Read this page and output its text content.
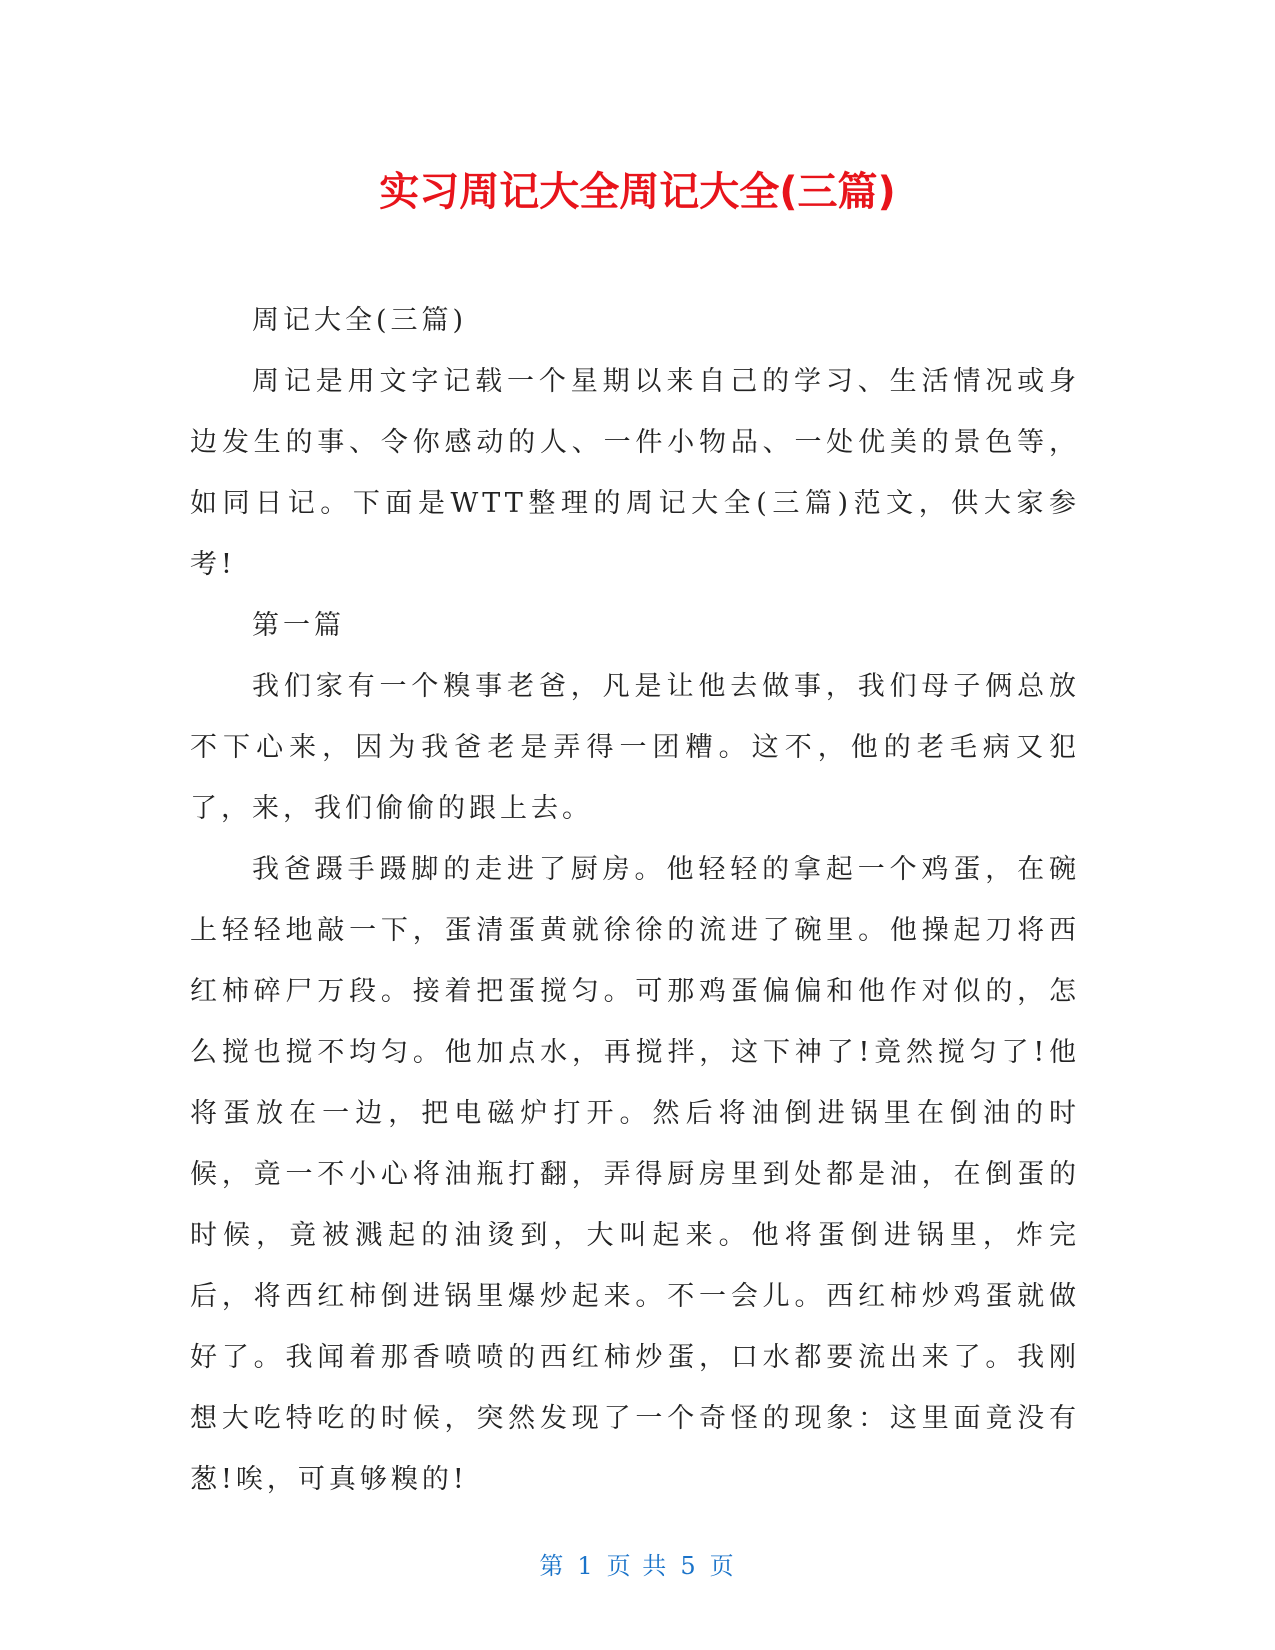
实习周记大全周记大全(三篇)

周记大全(三篇)

周记是用文字记载一个星期以来自己的学习、生活情况或身边发生的事、令你感动的人、一件小物品、一处优美的景色等，如同日记。下面是WTT整理的周记大全(三篇)范文，供大家参考!

第一篇

我们家有一个糗事老爸，凡是让他去做事，我们母子俩总放不下心来，因为我爸老是弄得一团糟。这不，他的老毛病又犯了，来，我们偷偷的跟上去。

我爸蹑手蹑脚的走进了厨房。他轻轻的拿起一个鸡蛋，在碗上轻轻地敲一下，蛋清蛋黄就徐徐的流进了碗里。他操起刀将西红柿碎尸万段。接着把蛋搅匀。可那鸡蛋偏偏和他作对似的，怎么搅也搅不均匀。他加点水，再搅拌，这下神了!竟然搅匀了!他将蛋放在一边，把电磁炉打开。然后将油倒进锅里在倒油的时候，竟一不小心将油瓶打翻，弄得厨房里到处都是油，在倒蛋的时候，竟被溅起的油烫到，大叫起来。他将蛋倒进锅里，炸完后，将西红柿倒进锅里爆炒起来。不一会儿。西红柿炒鸡蛋就做好了。我闻着那香喷喷的西红柿炒蛋，口水都要流出来了。我刚想大吃特吃的时候，突然发现了一个奇怪的现象：这里面竟没有葱!唉，可真够糗的!

第 1 页 共 5 页
